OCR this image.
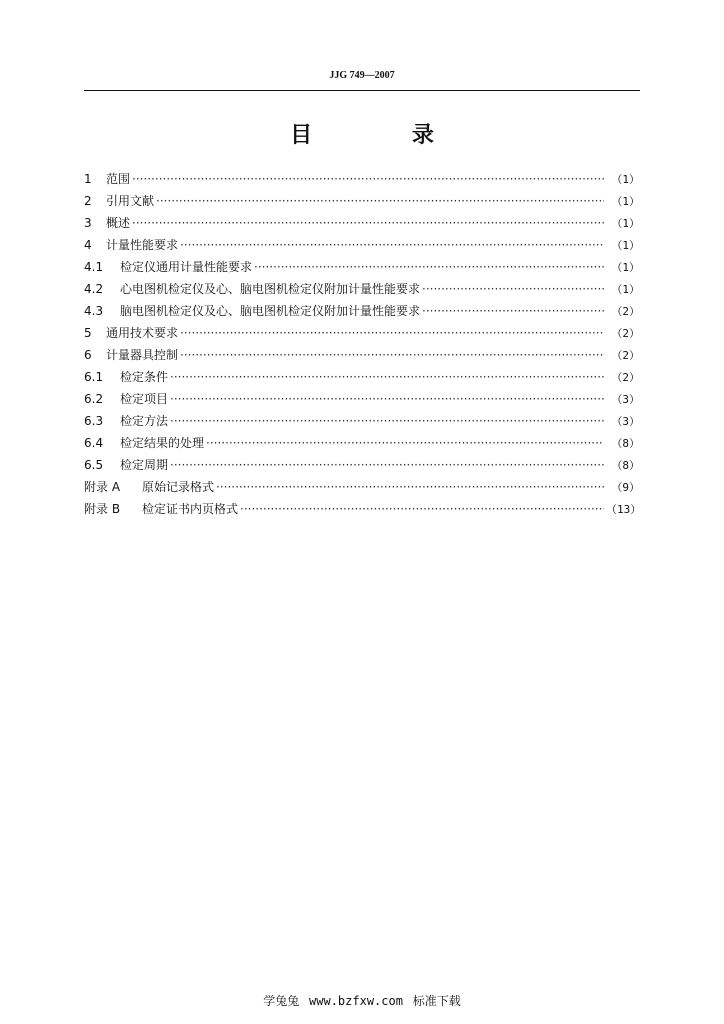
JJG 749—2007
目 录
1	范围 ·····	（1）
2	引用文献 ·····	（1）
3	概述 ·····	（1）
4	计量性能要求 ·····	（1）
4.1	检定仪通用计量性能要求 ·····	（1）
4.2	心电图机检定仪及心、脑电图机检定仪附加计量性能要求 ·····	（1）
4.3	脑电图机检定仪及心、脑电图机检定仪附加计量性能要求 ·····	（2）
5	通用技术要求 ·····	（2）
6	计量器具控制 ·····	（2）
6.1	检定条件 ·····	（2）
6.2	检定项目 ·····	（3）
6.3	检定方法 ·····	（3）
6.4	检定结果的处理 ·····	（8）
6.5	检定周期 ·····	（8）
附录 A	原始记录格式 ·····	（9）
附录 B	检定证书内页格式 ·····	（13）
学兔兔 www.bzfxw.com 标准下载
